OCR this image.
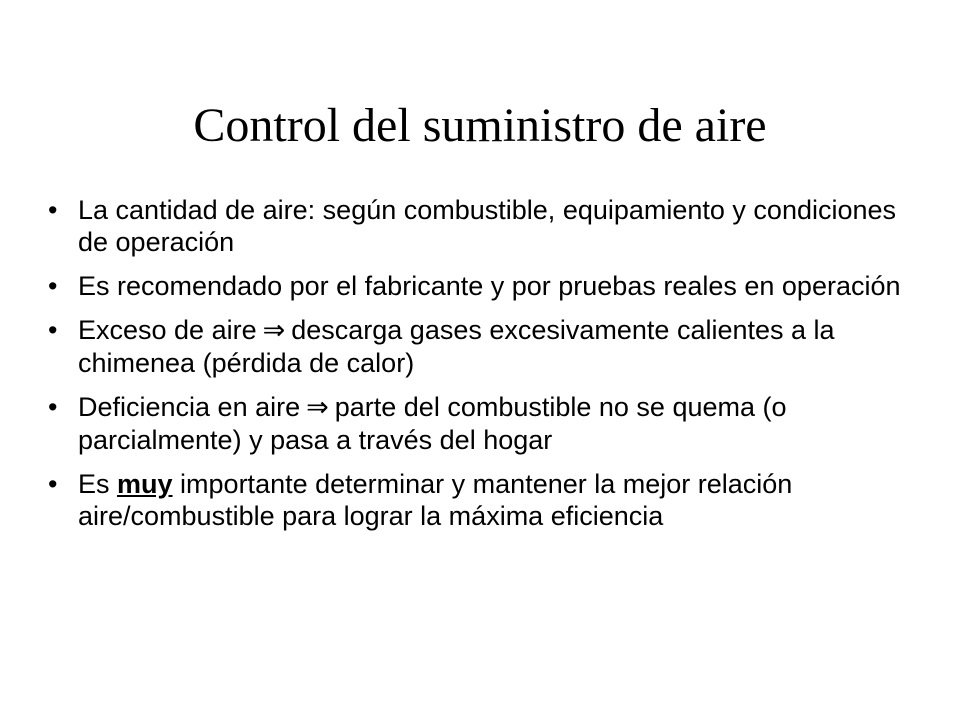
Control del suministro de aire
• La cantidad de aire: según combustible, equipamiento y condiciones de operación
• Es recomendado por el fabricante y por pruebas reales en operación
• Exceso de aire ⇒ descarga gases excesivamente calientes a la chimenea (pérdida de calor)
• Deficiencia en aire ⇒ parte del combustible no se quema (o parcialmente) y pasa a través del hogar
• Es muy importante determinar y mantener la mejor relación aire/combustible para lograr la máxima eficiencia
